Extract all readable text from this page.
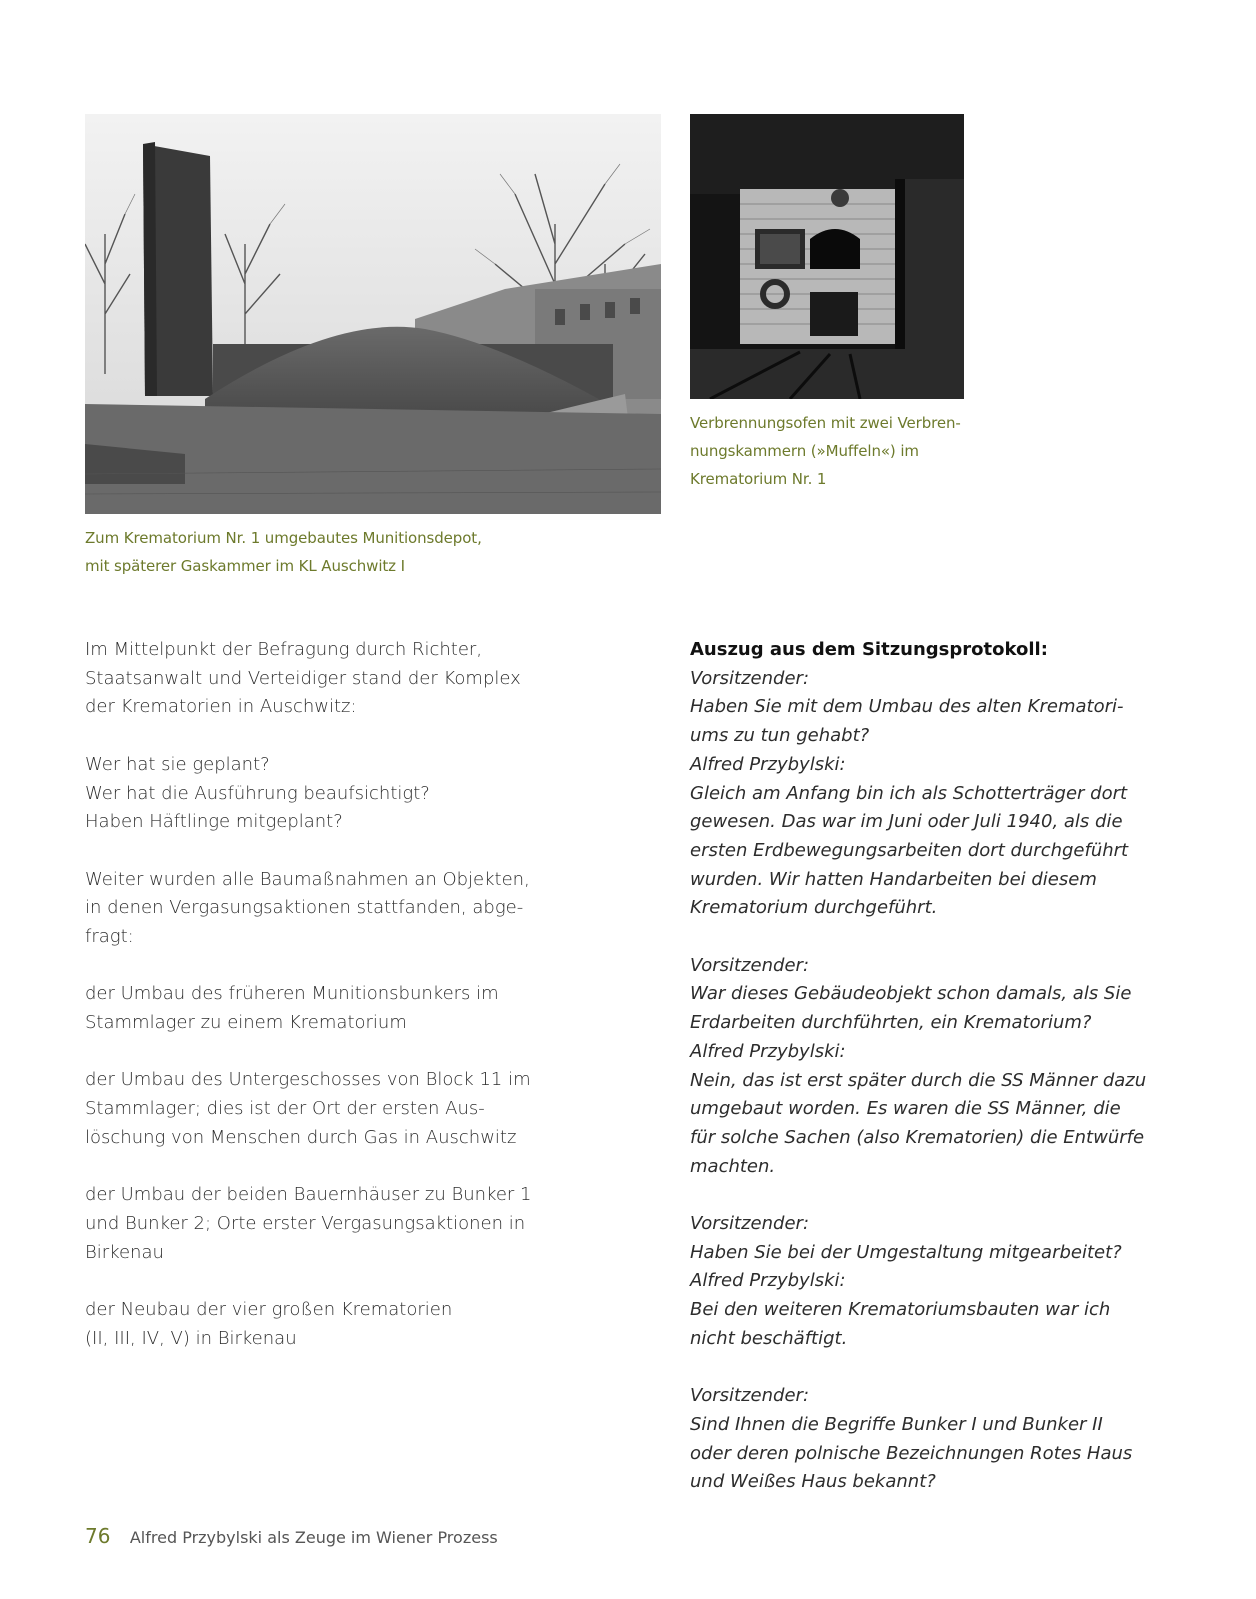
Zum Krematorium Nr. 1 umgebautes Munitionsdepot,
mit späterer Gaskammer im KL Auschwitz I
Verbrennungsofen mit zwei Verbren-
nungskammern (»Muffeln«) im
Krematorium Nr. 1
Im Mittelpunkt der Befragung durch Richter,
Staatsanwalt und Verteidiger stand der Komplex
der Krematorien in Auschwitz:
Wer hat sie geplant?
Wer hat die Ausführung beaufsichtigt?
Haben Häftlinge mitgeplant?
Weiter wurden alle Baumaßnahmen an Objekten,
in denen Vergasungsaktionen stattfanden, abge-
fragt:
der Umbau des früheren Munitionsbunkers im
Stammlager zu einem Krematorium
der Umbau des Untergeschosses von Block 11 im
Stammlager; dies ist der Ort der ersten Aus-
löschung von Menschen durch Gas in Auschwitz
der Umbau der beiden Bauernhäuser zu Bunker 1
und Bunker 2; Orte erster Vergasungsaktionen in
Birkenau
der Neubau der vier großen Krematorien
(II, III, IV, V) in Birkenau
Auszug aus dem Sitzungsprotokoll:
Vorsitzender:
Haben Sie mit dem Umbau des alten Krematori-
ums zu tun gehabt?
Alfred Przybylski:
Gleich am Anfang bin ich als Schotterträger dort
gewesen. Das war im Juni oder Juli 1940, als die
ersten Erdbewegungsarbeiten dort durchgeführt
wurden. Wir hatten Handarbeiten bei diesem
Krematorium durchgeführt.
Vorsitzender:
War dieses Gebäudeobjekt schon damals, als Sie
Erdarbeiten durchführten, ein Krematorium?
Alfred Przybylski:
Nein, das ist erst später durch die SS Männer dazu
umgebaut worden. Es waren die SS Männer, die
für solche Sachen (also Krematorien) die Entwürfe
machten.
Vorsitzender:
Haben Sie bei der Umgestaltung mitgearbeitet?
Alfred Przybylski:
Bei den weiteren Krematoriumsbauten war ich
nicht beschäftigt.
Vorsitzender:
Sind Ihnen die Begriffe Bunker I und Bunker II
oder deren polnische Bezeichnungen Rotes Haus
und Weißes Haus bekannt?
76 Alfred Przybylski als Zeuge im Wiener Prozess
